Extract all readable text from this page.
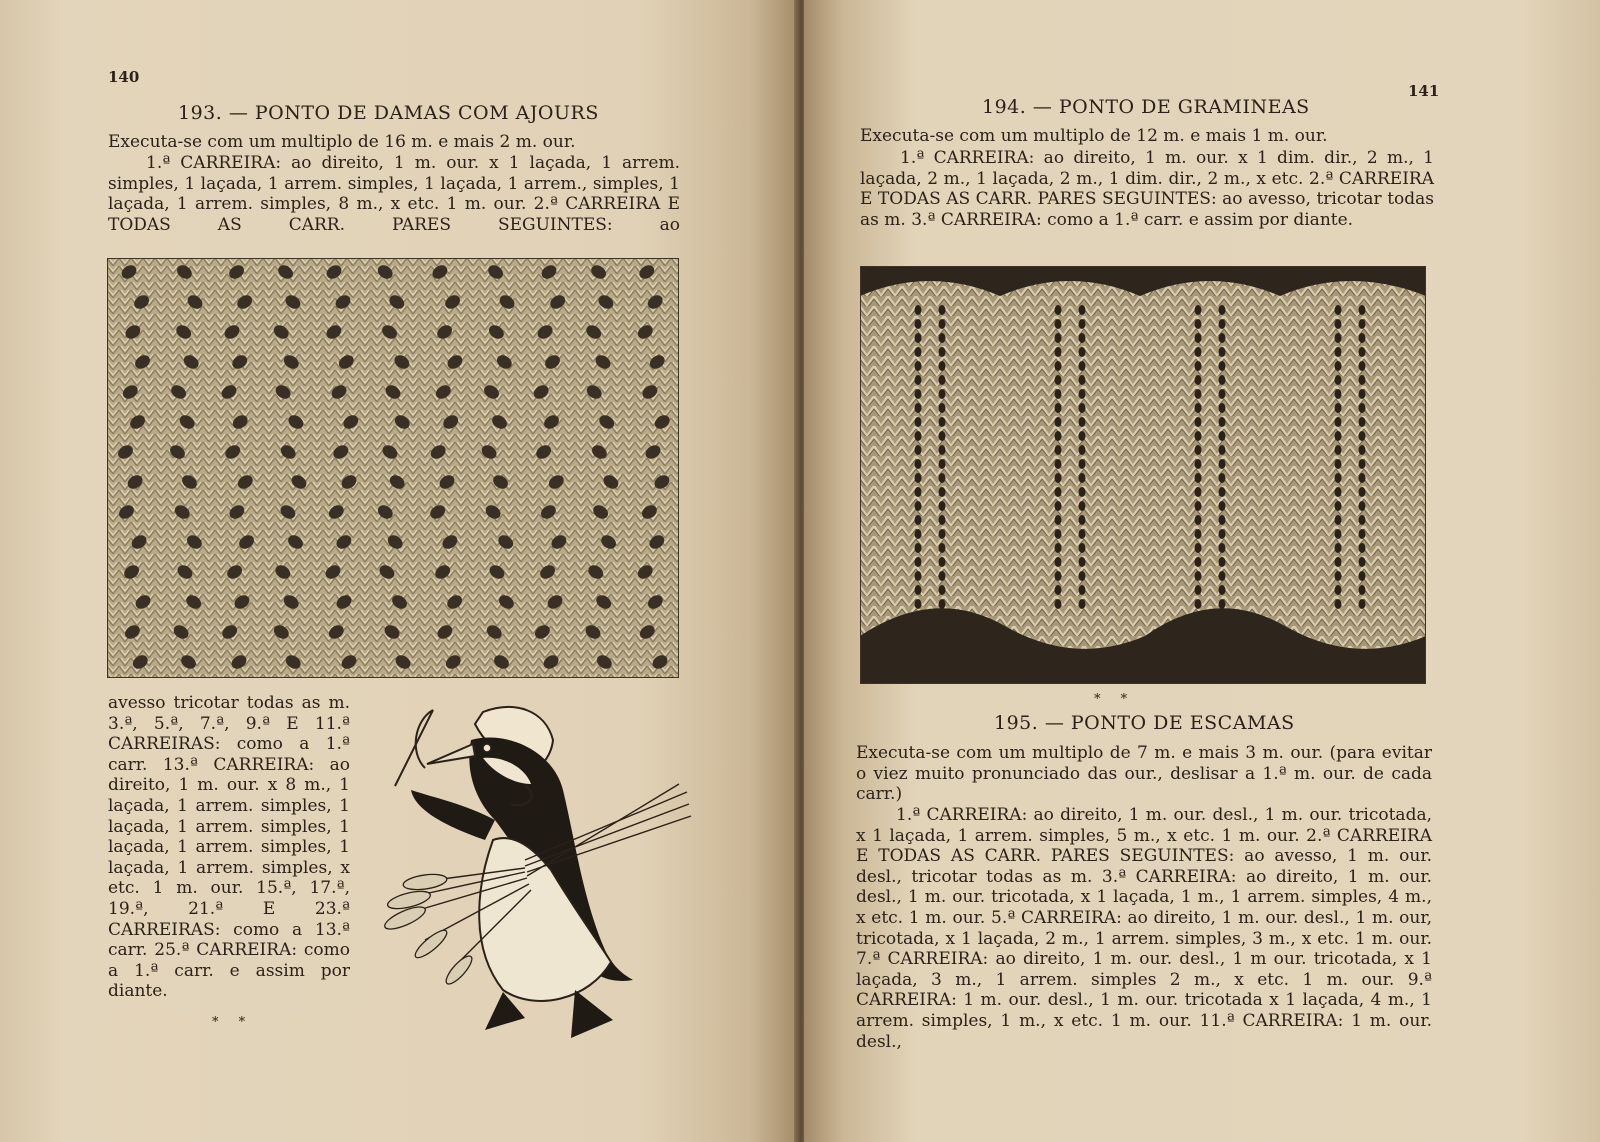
140
193. — PONTO DE DAMAS COM AJOURS

Executa-se com um multiplo de 16 m. e mais 2 m. our.

1.ª CARREIRA: ao direito, 1 m. our. x 1 laçada, 1 arrem. simples, 1 laçada, 1 arrem. simples, 1 laçada, 1 arrem., simples, 1 laçada, 1 arrem. simples, 8 m., x etc. 1 m. our. 2.ª CARREIRA E TODAS AS CARR. PARES SEGUINTES: ao

avesso tricotar todas as m. 3.ª, 5.ª, 7.ª, 9.ª E 11.ª CARREIRAS: como a 1.ª carr. 13.ª CARREIRA: ao direito, 1 m. our. x 8 m., 1 laçada, 1 arrem. simples, 1 laçada, 1 arrem. simples, 1 laçada, 1 arrem. simples, 1 laçada, 1 arrem. simples, x etc. 1 m. our. 15.ª, 17.ª, 19.ª, 21.ª E 23.ª CARREIRAS: como a 13.ª carr. 25.ª CARREIRA: como a 1.ª carr. e assim por diante.

* *
141
194. — PONTO DE GRAMINEAS

Executa-se com um multiplo de 12 m. e mais 1 m. our.

1.ª CARREIRA: ao direito, 1 m. our. x 1 dim. dir., 2 m., 1 laçada, 2 m., 1 laçada, 2 m., 1 dim. dir., 2 m., x etc. 2.ª CARREIRA E TODAS AS CARR. PARES SEGUINTES: ao avesso, tricotar todas as m. 3.ª CARREIRA: como a 1.ª carr. e assim por diante.

* *
195. — PONTO DE ESCAMAS

Executa-se com um multiplo de 7 m. e mais 3 m. our. (para evitar o viez muito pronunciado das our., deslisar a 1.ª m. our. de cada carr.)

1.ª CARREIRA: ao direito, 1 m. our. desl., 1 m. our. tricotada, x 1 laçada, 1 arrem. simples, 5 m., x etc. 1 m. our. 2.ª CARREIRA E TODAS AS CARR. PARES SEGUINTES: ao avesso, 1 m. our. desl., tricotar todas as m. 3.ª CARREIRA: ao direito, 1 m. our. desl., 1 m. our. tricotada, x 1 laçada, 1 m., 1 arrem. simples, 4 m., x etc. 1 m. our. 5.ª CARREIRA: ao direito, 1 m. our. desl., 1 m. our, tricotada, x 1 laçada, 2 m., 1 arrem. simples, 3 m., x etc. 1 m. our. 7.ª CARREIRA: ao direito, 1 m. our. desl., 1 m our. tricotada, x 1 laçada, 3 m., 1 arrem. simples 2 m., x etc. 1 m. our. 9.ª CARREIRA: 1 m. our. desl., 1 m. our. tricotada x 1 laçada, 4 m., 1 arrem. simples, 1 m., x etc. 1 m. our. 11.ª CARREIRA: 1 m. our. desl.,
